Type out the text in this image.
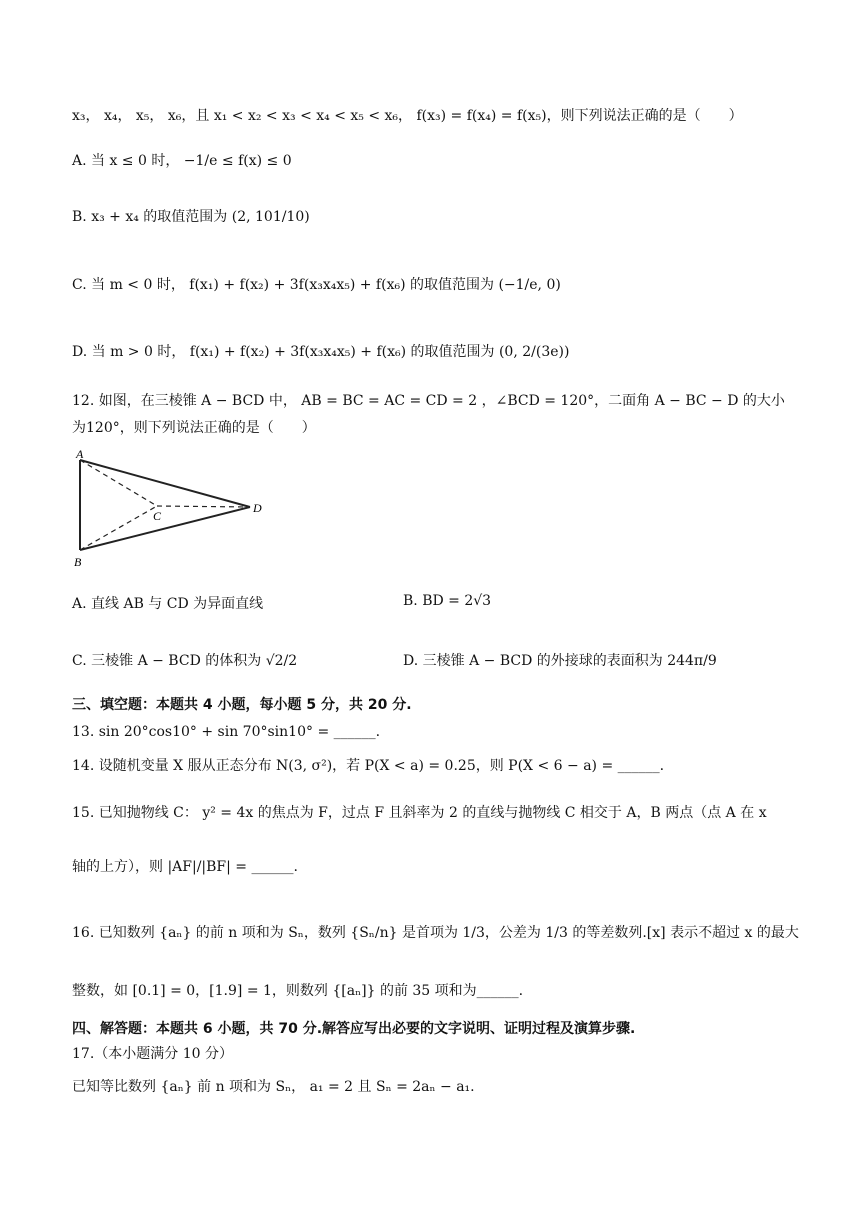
x₃， x₄， x₅， x₆，且 x₁ < x₂ < x₃ < x₄ < x₅ < x₆， f(x₃) = f(x₄) = f(x₅)，则下列说法正确的是（　　）
A. 当 x ≤ 0 时， −1/e ≤ f(x) ≤ 0
B. x₃ + x₄ 的取值范围为 (2, 101/10)
C. 当 m < 0 时， f(x₁) + f(x₂) + 3f(x₃x₄x₅) + f(x₆) 的取值范围为 (−1/e, 0)
D. 当 m > 0 时， f(x₁) + f(x₂) + 3f(x₃x₄x₅) + f(x₆) 的取值范围为 (0, 2/(3e))
12. 如图，在三棱锥 A − BCD 中， AB = BC = AC = CD = 2 ，∠BCD = 120°，二面角 A − BC − D 的大小
为120°，则下列说法正确的是（　　）
A
B
C
D
A. 直线 AB 与 CD 为异面直线	B. BD = 2√3
C. 三棱锥 A − BCD 的体积为 √2/2	D. 三棱锥 A − BCD 的外接球的表面积为 244π/9
三、填空题：本题共 4 小题，每小题 5 分，共 20 分.
13. sin 20°cos10° + sin 70°sin10° = ______.
14. 设随机变量 X 服从正态分布 N(3, σ²)，若 P(X < a) = 0.25，则 P(X < 6 − a) = ______.
15. 已知抛物线 C： y² = 4x 的焦点为 F，过点 F 且斜率为 2 的直线与抛物线 C 相交于 A，B 两点（点 A 在 x
轴的上方），则 |AF|/|BF| = ______.
16. 已知数列 {aₙ} 的前 n 项和为 Sₙ，数列 {Sₙ/n} 是首项为 1/3，公差为 1/3 的等差数列.[x] 表示不超过 x 的最大
整数，如 [0.1] = 0，[1.9] = 1，则数列 {[aₙ]} 的前 35 项和为______.
四、解答题：本题共 6 小题，共 70 分.解答应写出必要的文字说明、证明过程及演算步骤.
17.（本小题满分 10 分）
已知等比数列 {aₙ} 前 n 项和为 Sₙ， a₁ = 2 且 Sₙ = 2aₙ − a₁.
